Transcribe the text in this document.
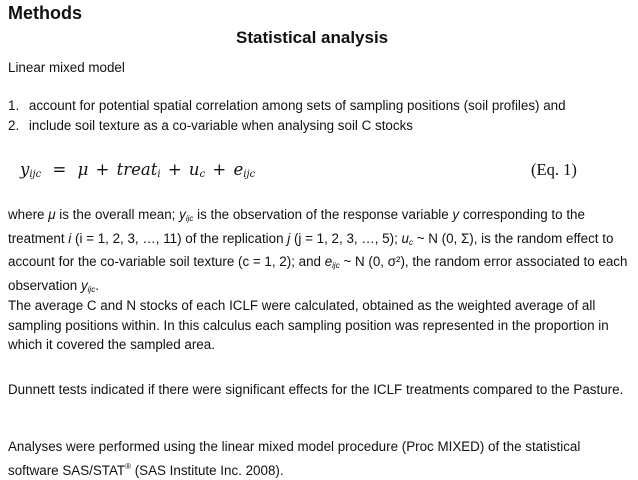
Methods
Statistical analysis
Linear mixed model
1. account for potential spatial correlation among sets of sampling positions (soil profiles) and
2. include soil texture as a co-variable when analysing soil C stocks
$y_{ijc} = \mu$ + treat$_i$ + $u_c + e_{ijc}$	(Eq. 1)
where μ is the overall mean; $y_{ijc}$ is the observation of the response variable y corresponding to the treatment i (i = 1, 2, 3, …, 11) of the replication j (j = 1, 2, 3, …, 5); $u_c$ ~ N (0, Σ), is the random effect to account for the co-variable soil texture (c = 1, 2); and $e_{ijc}$ ~ N (0, σ²), the random error associated to each observation $y_{ijc}$.
The average C and N stocks of each ICLF were calculated, obtained as the weighted average of all sampling positions within. In this calculus each sampling position was represented in the proportion in which it covered the sampled area.
Dunnett tests indicated if there were significant effects for the ICLF treatments compared to the Pasture.
Analyses were performed using the linear mixed model procedure (Proc MIXED) of the statistical software SAS/STAT® (SAS Institute Inc. 2008).
